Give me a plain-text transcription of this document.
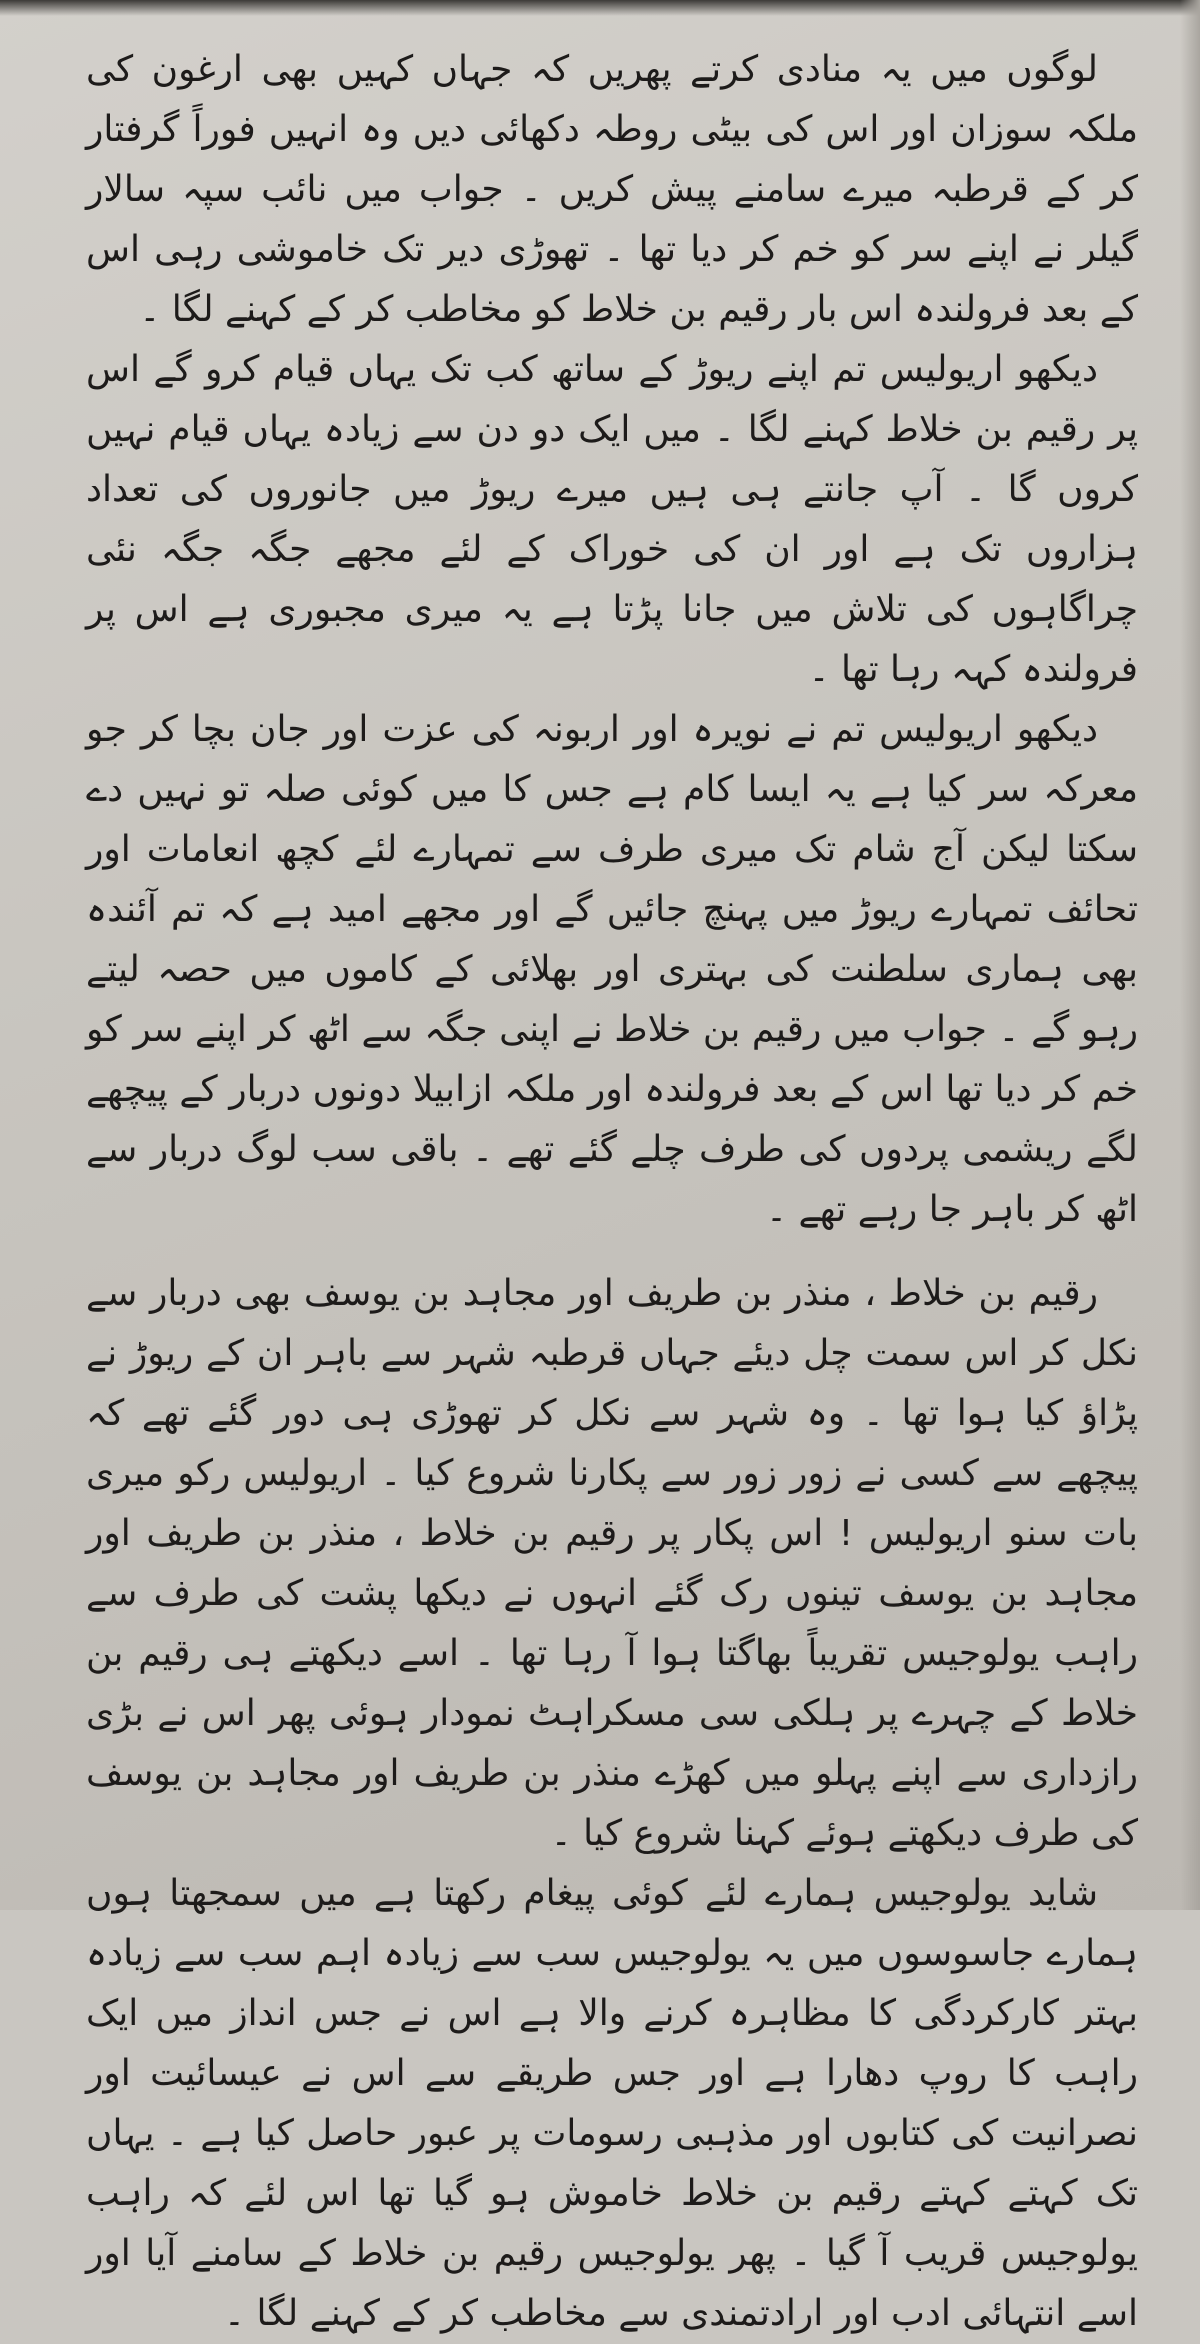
لوگوں میں یہ منادی کرتے پھریں کہ جہاں کہیں بھی ارغون کی ملکہ سوزان اور اس کی بیٹی روطہ دکھائی دیں وہ انہیں فوراً گرفتار کر کے قرطبہ میرے سامنے پیش کریں ۔ جواب میں نائب سپہ سالار گیلر نے اپنے سر کو خم کر دیا تھا ۔ تھوڑی دیر تک خاموشی رہی اس کے بعد فرولندہ اس بار رقیم بن خلاط کو مخاطب کر کے کہنے لگا ۔

دیکھو اریولیس تم اپنے ریوڑ کے ساتھ کب تک یہاں قیام کرو گے اس پر رقیم بن خلاط کہنے لگا ۔ میں ایک دو دن سے زیادہ یہاں قیام نہیں کروں گا ۔ آپ جانتے ہی ہیں میرے ریوڑ میں جانوروں کی تعداد ہزاروں تک ہے اور ان کی خوراک کے لئے مجھے جگہ جگہ نئی چراگاہوں کی تلاش میں جانا پڑتا ہے یہ میری مجبوری ہے اس پر فرولندہ کہہ رہا تھا ۔

دیکھو اریولیس تم نے نویرہ اور اربونہ کی عزت اور جان بچا کر جو معرکہ سر کیا ہے یہ ایسا کام ہے جس کا میں کوئی صلہ تو نہیں دے سکتا لیکن آج شام تک میری طرف سے تمہارے لئے کچھ انعامات اور تحائف تمہارے ریوڑ میں پہنچ جائیں گے اور مجھے امید ہے کہ تم آئندہ بھی ہماری سلطنت کی بہتری اور بھلائی کے کاموں میں حصہ لیتے رہو گے ۔ جواب میں رقیم بن خلاط نے اپنی جگہ سے اٹھ کر اپنے سر کو خم کر دیا تھا اس کے بعد فرولندہ اور ملکہ ازابیلا دونوں دربار کے پیچھے لگے ریشمی پردوں کی طرف چلے گئے تھے ۔ باقی سب لوگ دربار سے اٹھ کر باہر جا رہے تھے ۔

رقیم بن خلاط ، منذر بن طریف اور مجاہد بن یوسف بھی دربار سے نکل کر اس سمت چل دیئے جہاں قرطبہ شہر سے باہر ان کے ریوڑ نے پڑاؤ کیا ہوا تھا ۔ وہ شہر سے نکل کر تھوڑی ہی دور گئے تھے کہ پیچھے سے کسی نے زور زور سے پکارنا شروع کیا ۔ اریولیس رکو میری بات سنو اریولیس ! اس پکار پر رقیم بن خلاط ، منذر بن طریف اور مجاہد بن یوسف تینوں رک گئے انہوں نے دیکھا پشت کی طرف سے راہب یولوجیس تقریباً بھاگتا ہوا آ رہا تھا ۔ اسے دیکھتے ہی رقیم بن خلاط کے چہرے پر ہلکی سی مسکراہٹ نمودار ہوئی پھر اس نے بڑی رازداری سے اپنے پہلو میں کھڑے منذر بن طریف اور مجاہد بن یوسف کی طرف دیکھتے ہوئے کہنا شروع کیا ۔

شاید یولوجیس ہمارے لئے کوئی پیغام رکھتا ہے میں سمجھتا ہوں ہمارے جاسوسوں میں یہ یولوجیس سب سے زیادہ اہم سب سے زیادہ بہتر کارکردگی کا مظاہرہ کرنے والا ہے اس نے جس انداز میں ایک راہب کا روپ دھارا ہے اور جس طریقے سے اس نے عیسائیت اور نصرانیت کی کتابوں اور مذہبی رسومات پر عبور حاصل کیا ہے ۔ یہاں تک کہتے کہتے رقیم بن خلاط خاموش ہو گیا تھا اس لئے کہ راہب یولوجیس قریب آ گیا ۔ پھر یولوجیس رقیم بن خلاط کے سامنے آیا اور اسے انتہائی ادب اور ارادتمندی سے مخاطب کر کے کہنے لگا ۔
